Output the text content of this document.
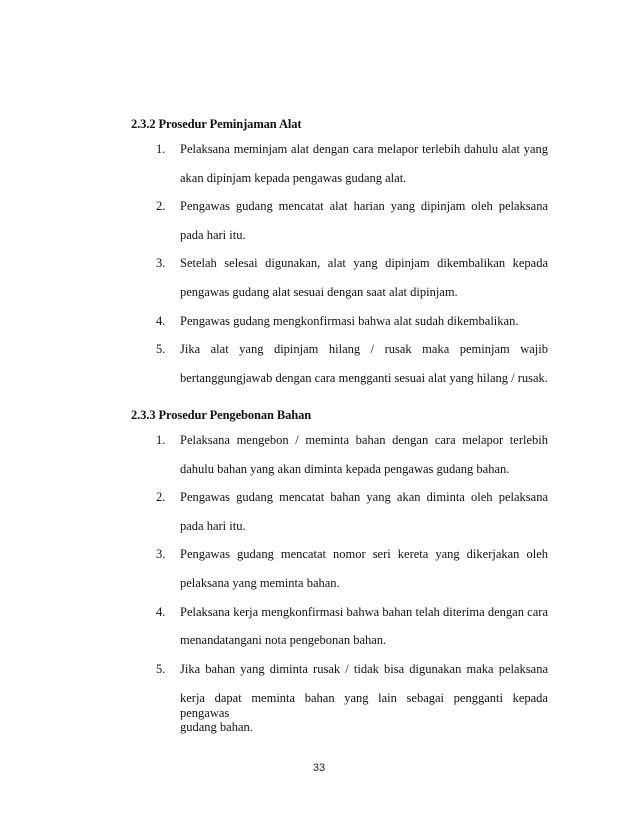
2.3.2 Prosedur Peminjaman Alat
1. Pelaksana meminjam alat dengan cara melapor terlebih dahulu alat yang
akan dipinjam kepada pengawas gudang alat.
2. Pengawas gudang mencatat alat harian yang dipinjam oleh pelaksana
pada hari itu.
3. Setelah selesai digunakan, alat yang dipinjam dikembalikan kepada
pengawas gudang alat sesuai dengan saat alat dipinjam.
4. Pengawas gudang mengkonfirmasi bahwa alat sudah dikembalikan.
5. Jika alat yang dipinjam hilang / rusak maka peminjam wajib
bertanggungjawab dengan cara mengganti sesuai alat yang hilang / rusak.
2.3.3 Prosedur Pengebonan Bahan
1. Pelaksana mengebon / meminta bahan dengan cara melapor terlebih
dahulu bahan yang akan diminta kepada pengawas gudang bahan.
2. Pengawas gudang mencatat bahan yang akan diminta oleh pelaksana
pada hari itu.
3. Pengawas gudang mencatat nomor seri kereta yang dikerjakan oleh
pelaksana yang meminta bahan.
4. Pelaksana kerja mengkonfirmasi bahwa bahan telah diterima dengan cara
menandatangani nota pengebonan bahan.
5. Jika bahan yang diminta rusak / tidak bisa digunakan maka pelaksana
kerja dapat meminta bahan yang lain sebagai pengganti kepada pengawas
gudang bahan.
33
